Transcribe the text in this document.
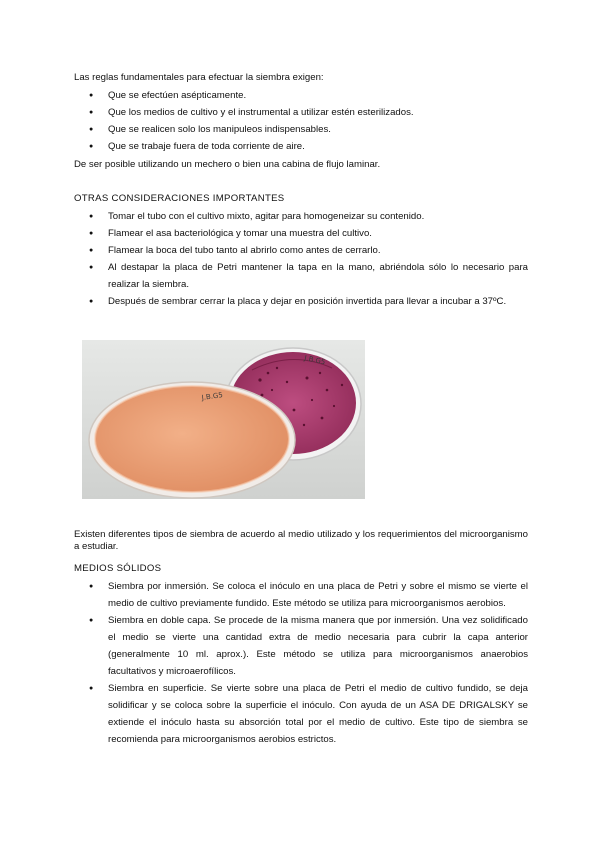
Las reglas fundamentales para efectuar la siembra exigen:
● Que se efectúen asépticamente.
● Que los medios de cultivo y el instrumental a utilizar estén esterilizados.
● Que se realicen solo los manipuleos indispensables.
● Que se trabaje fuera de toda corriente de aire.
De ser posible utilizando un mechero o bien una cabina de flujo laminar.
OTRAS CONSIDERACIONES IMPORTANTES
● Tomar el tubo con el cultivo mixto, agitar para homogeneizar su contenido.
● Flamear el asa bacteriológica y tomar una muestra del cultivo.
● Flamear la boca del tubo tanto al abrirlo como antes de cerrarlo.
● Al destapar la placa de Petri mantener la tapa en la mano, abriéndola sólo lo necesario para realizar la siembra.
● Después de sembrar cerrar la placa y dejar en posición invertida para llevar a incubar a 37ºC.
J.B.G5
J.B.G5
Existen diferentes tipos de siembra de acuerdo al medio utilizado y los requerimientos del microorganismo a estudiar.
MEDIOS SÓLIDOS
● Siembra por inmersión. Se coloca el inóculo en una placa de Petri y sobre el mismo se vierte el medio de cultivo previamente fundido. Este método se utiliza para microorganismos aerobios.
● Siembra en doble capa. Se procede de la misma manera que por inmersión. Una vez solidificado el medio se vierte una cantidad extra de medio necesaria para cubrir la capa anterior (generalmente 10 ml. aprox.). Este método se utiliza para microorganismos anaerobios facultativos y microaerofílicos.
● Siembra en superficie. Se vierte sobre una placa de Petri el medio de cultivo fundido, se deja solidificar y se coloca sobre la superficie el inóculo. Con ayuda de un ASA DE DRIGALSKY se extiende el inóculo hasta su absorción total por el medio de cultivo. Este tipo de siembra se recomienda para microorganismos aerobios estrictos.
